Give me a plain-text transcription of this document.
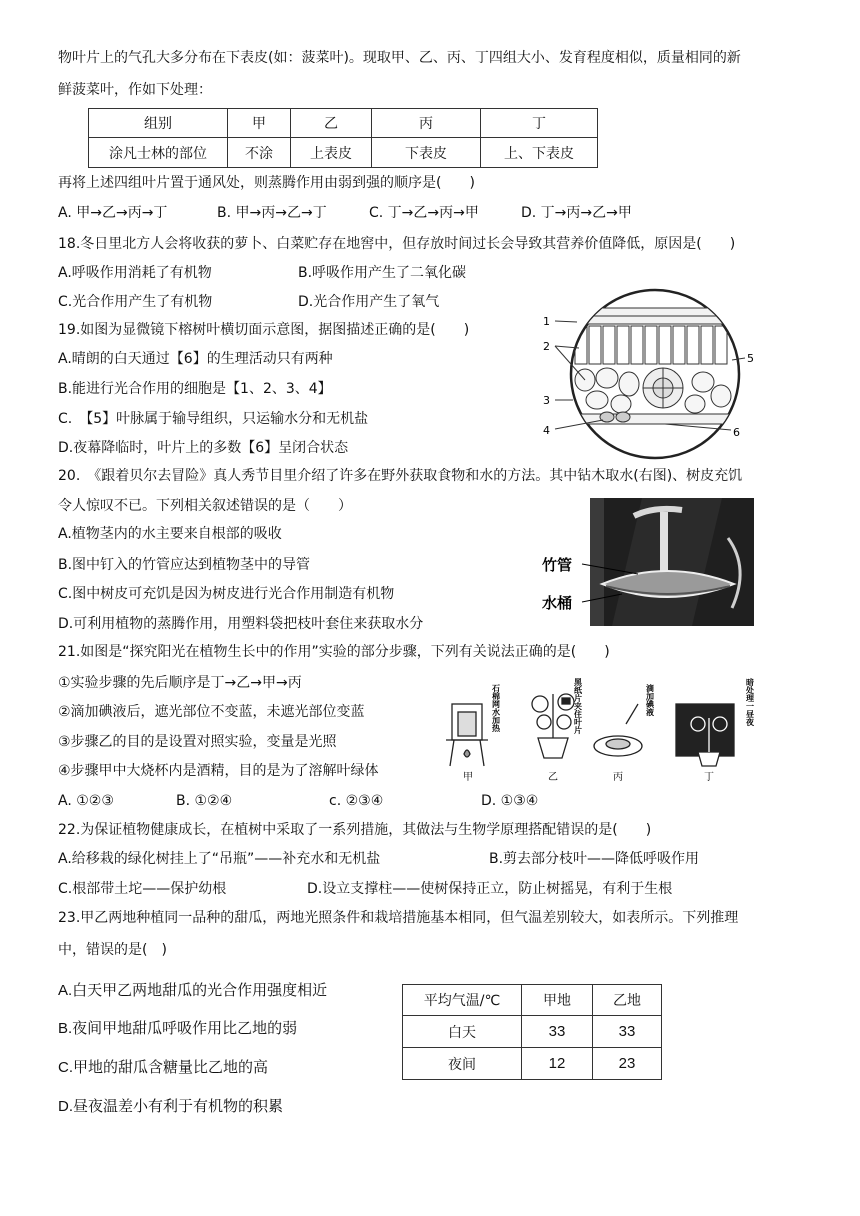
物叶片上的气孔大多分布在下表皮(如：菠菜叶)。现取甲、乙、丙、丁四组大小、发育程度相似，质量相同的新
鲜菠菜叶，作如下处理：
组别	甲	乙	丙	丁
涂凡士林的部位	不涂	上表皮	下表皮	上、下表皮
再将上述四组叶片置于通风处，则蒸腾作用由弱到强的顺序是(　　)
A. 甲→乙→丙→丁	B. 甲→丙→乙→丁	C. 丁→乙→丙→甲	D. 丁→丙→乙→甲
18.冬日里北方人会将收获的萝卜、白菜贮存在地窖中，但存放时间过长会导致其营养价值降低，原因是(　　)
A.呼吸作用消耗了有机物	B.呼吸作用产生了二氧化碳
C.光合作用产生了有机物	D.光合作用产生了氧气
19.如图为显微镜下榕树叶横切面示意图，据图描述正确的是(　　)
A.晴朗的白天通过【6】的生理活动只有两种
B.能进行光合作用的细胞是【1、2、3、4】
C.　【5】叶脉属于输导组织，只运输水分和无机盐
D.夜幕降临时，叶片上的多数【6】呈闭合状态
1
2
3
4
5
6
20.　《跟着贝尔去冒险》真人秀节目里介绍了许多在野外获取食物和水的方法。其中钻木取水(右图)、树皮充饥
令人惊叹不已。下列相关叙述错误的是（　　）
A.植物茎内的水主要来自根部的吸收
B.图中钉入的竹管应达到植物茎中的导管
C.图中树皮可充饥是因为树皮进行光合作用制造有机物
D.可利用植物的蒸腾作用，用塑料袋把枝叶套住来获取水分
竹管
水桶
21.如图是“探究阳光在植物生长中的作用”实验的部分步骤，下列有关说法正确的是(　　)
①实验步骤的先后顺序是丁→乙→甲→丙
②滴加碘液后，遮光部位不变蓝，未遮光部位变蓝
③步骤乙的目的是设置对照实验，变量是光照
④步骤甲中大烧杯内是酒精，目的是为了溶解叶绿体
A. ①②③	B. ①②④	c. ②③④	D. ①③④
甲	乙	丙	丁
石棉网水加热	黑纸片夹住叶片	滴加碘液	暗处理一昼夜
22.为保证植物健康成长，在植树中采取了一系列措施，其做法与生物学原理搭配错误的是(　　)
A.给移栽的绿化树挂上了“吊瓶”——补充水和无机盐	B.剪去部分枝叶——降低呼吸作用
C.根部带土坨——保护幼根	D.设立支撑柱——使树保持正立，防止树摇晃，有利于生根
23.甲乙两地种植同一品种的甜瓜，两地光照条件和栽培措施基本相同，但气温差别较大，如表所示。下列推理
中，错误的是(　)
A.白天甲乙两地甜瓜的光合作用强度相近
B.夜间甲地甜瓜呼吸作用比乙地的弱
C.甲地的甜瓜含糖量比乙地的高
D.昼夜温差小有利于有机物的积累
平均气温/℃	甲地	乙地
白天	33	33
夜间	12	23
